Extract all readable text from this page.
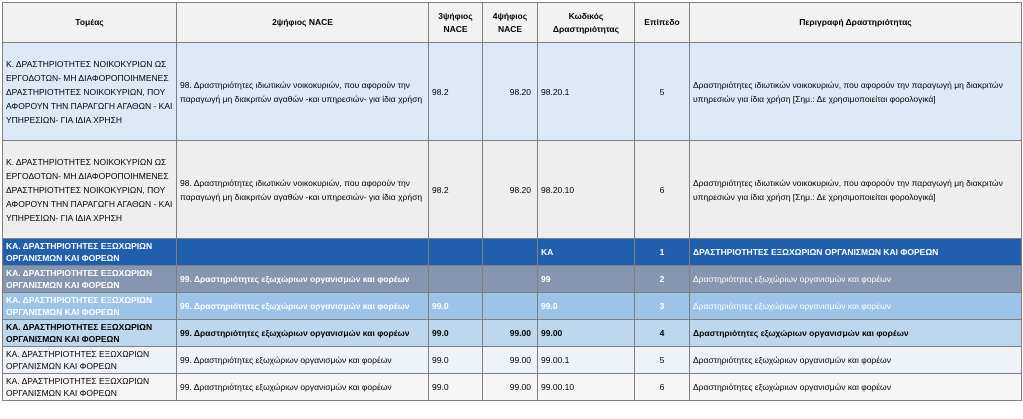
Τομέας	2ψήφιος NACE	3ψήφιος NACE	4ψήφιος NACE	Κωδικός Δραστηριότητας	Επίπεδο	Περιγραφή Δραστηριότητας
Κ. ΔΡΑΣΤΗΡΙΟΤΗΤΕΣ ΝΟΙΚΟΚΥΡΙΩΝ ΩΣ ΕΡΓΟΔΟΤΩΝ- ΜΗ ΔΙΑΦΟΡΟΠΟΙΗΜΕΝΕΣ ΔΡΑΣΤΗΡΙΟΤΗΤΕΣ ΝΟΙΚΟΚΥΡΙΩΝ, ΠΟΥ ΑΦΟΡΟΥΝ ΤΗΝ ΠΑΡΑΓΩΓΗ ΑΓΑΘΩΝ - ΚΑΙ ΥΠΗΡΕΣΙΩΝ- ΓΙΑ ΙΔΙΑ ΧΡΗΣΗ	98. Δραστηριότητες ιδιωτικών νοικοκυριών, που αφορούν την παραγωγή μη διακριτών αγαθών -και υπηρεσιών- για ίδια χρήση	98.2	98.20	98.20.1	5	Δραστηριότητες ιδιωτικών νοικοκυριών, που αφορούν την παραγωγή μη διακριτών υπηρεσιών για ίδια χρήση [Σημ.: Δε χρησιμοποιείται φορολογικά]
Κ. ΔΡΑΣΤΗΡΙΟΤΗΤΕΣ ΝΟΙΚΟΚΥΡΙΩΝ ΩΣ ΕΡΓΟΔΟΤΩΝ- ΜΗ ΔΙΑΦΟΡΟΠΟΙΗΜΕΝΕΣ ΔΡΑΣΤΗΡΙΟΤΗΤΕΣ ΝΟΙΚΟΚΥΡΙΩΝ, ΠΟΥ ΑΦΟΡΟΥΝ ΤΗΝ ΠΑΡΑΓΩΓΗ ΑΓΑΘΩΝ - ΚΑΙ ΥΠΗΡΕΣΙΩΝ- ΓΙΑ ΙΔΙΑ ΧΡΗΣΗ	98. Δραστηριότητες ιδιωτικών νοικοκυριών, που αφορούν την παραγωγή μη διακριτών αγαθών -και υπηρεσιών- για ίδια χρήση	98.2	98.20	98.20.10	6	Δραστηριότητες ιδιωτικών νοικοκυριών, που αφορούν την παραγωγή μη διακριτών υπηρεσιών για ίδια χρήση [Σημ.: Δε χρησιμοποιείται φορολογικά]
ΚΑ. ΔΡΑΣΤΗΡΙΟΤΗΤΕΣ ΕΞΩΧΩΡΙΩΝ ΟΡΓΑΝΙΣΜΩΝ ΚΑΙ ΦΟΡΕΩΝ				ΚΑ	1	ΔΡΑΣΤΗΡΙΟΤΗΤΕΣ ΕΞΩΧΩΡΙΩΝ ΟΡΓΑΝΙΣΜΩΝ ΚΑΙ ΦΟΡΕΩΝ
ΚΑ. ΔΡΑΣΤΗΡΙΟΤΗΤΕΣ ΕΞΩΧΩΡΙΩΝ ΟΡΓΑΝΙΣΜΩΝ ΚΑΙ ΦΟΡΕΩΝ	99. Δραστηριότητες εξωχώριων οργανισμών και φορέων			99	2	Δραστηριότητες εξωχώριων οργανισμών και φορέων
ΚΑ. ΔΡΑΣΤΗΡΙΟΤΗΤΕΣ ΕΞΩΧΩΡΙΩΝ ΟΡΓΑΝΙΣΜΩΝ ΚΑΙ ΦΟΡΕΩΝ	99. Δραστηριότητες εξωχώριων οργανισμών και φορέων	99.0		99.0	3	Δραστηριότητες εξωχώριων οργανισμών και φορέων
ΚΑ. ΔΡΑΣΤΗΡΙΟΤΗΤΕΣ ΕΞΩΧΩΡΙΩΝ ΟΡΓΑΝΙΣΜΩΝ ΚΑΙ ΦΟΡΕΩΝ	99. Δραστηριότητες εξωχώριων οργανισμών και φορέων	99.0	99.00	99.00	4	Δραστηριότητες εξωχώριων οργανισμών και φορέων
ΚΑ. ΔΡΑΣΤΗΡΙΟΤΗΤΕΣ ΕΞΩΧΩΡΙΩΝ ΟΡΓΑΝΙΣΜΩΝ ΚΑΙ ΦΟΡΕΩΝ	99. Δραστηριότητες εξωχώριων οργανισμών και φορέων	99.0	99.00	99.00.1	5	Δραστηριότητες εξωχώριων οργανισμών και φορέων
ΚΑ. ΔΡΑΣΤΗΡΙΟΤΗΤΕΣ ΕΞΩΧΩΡΙΩΝ ΟΡΓΑΝΙΣΜΩΝ ΚΑΙ ΦΟΡΕΩΝ	99. Δραστηριότητες εξωχώριων οργανισμών και φορέων	99.0	99.00	99.00.10	6	Δραστηριότητες εξωχώριων οργανισμών και φορέων
